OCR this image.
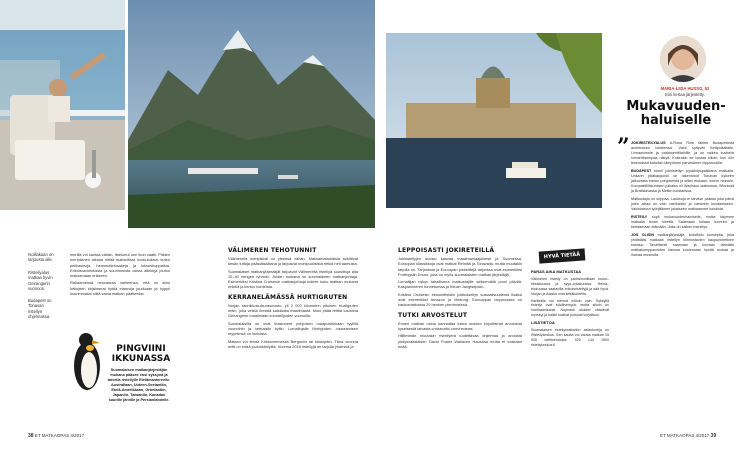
MARIA-LIISA HUSSO, 52
Eini kertaa järjestetty.
Isoillakaan on tarjousta alle.
Risteilyalus matkaa hyvin Geirangerin vuonoon.
Budapest on Tonavan risteilyn ohjelmassa.

merillä voi kantaa vähän. Itsekorut onn ikon vaatii. Pitkien meripäivien aikana riittää maksullista hookutuksia, kuten pelikasinoja, hemmottelusakeja ja luksushoppailua. Erikoisravintoloista ja suurimmista osista allekirja joutuu maksamaan erikseen.

Rahaamensä neuvamaa vaiheensa, että on siksi lotkujeen kirjaimerat hyttiä elanvoja jouduaan ja hyppii suurimmaksi silliä vasta matkan päätteeksi.

PINGVIINI
IKKUNASSA
Suomalaisen matkanjärjestäjän mukana pääsee ensi syksynä ja talvella risteilylle Etelämantereelle. Australiaan, Uuteen-Seelantiin, Etelä-Amerikkaan, Grönlantiin, Japaniin, Taiwaniin, Kanadan suurille järville ja Persianlahdelle.
VÄLIMEREN TEHOTUNNIT

Välimerellä meripäiviä on yleensä vähän. Maksamatamaisia tuikittivat kesän tuttuja pääsiäisaikana ja tarjoavat monipuolisista retkiä heti aamusta.

Suomalaiset matkanjärjestäjät tarjoavat Välimerellä risteilyä suosittuja alta 10–40 hengen ryhmiin. Joiden mukana on suomalainen matkanjohtaja. Esimerkiksi Kristina Cruisesin matkanjohtaja kulkee koko matkan mukana retkillä ja kertoo kohteista.

KERRANELÄMÄSSÄ HURTIGRUTEN

Norjan rannikkokulkuneuvosto, yli 2 000 kilometrin pituisen Hurtigruten reitin, joka veistä ihmisiä kaikkialta maailmasta. Moni pitää reittiä kauniina Geirangerin maailmaan kuuntelijoiden vuonoilla.

Suomalaisilta on ovat ihastuneet pohjoisen maapuistikkaan tyylillä vuonoihin ja herttaisiin kyliin. Lomalinjalle Hurtigruten -vastaamisen myyntinsä on hintoista.

Matkan voi tehdä Kirkkoniemessä Bergeniin tai toisinpäin. Tänä vuonna reitti on enää jouluristeilyillä. Vuonna 2018 risteilyjä on tarjolla yhdessä ja.

LEPPOISASTI JOKIRETEILLÄ

Jokiristeilyjen suosio kasvaa maailmanlaajuisesti ja Suomessa. Euroopan klassikkoja ovat matkat Reiniltä ja Tonavalla, mutta muutakin tarjolla on. Tarjouksia ja Euroopan jokireittejä tarjontaa ovat esimerkiksi Porttugalin Douro, joka on myös suomalaisten matkan järjestäjiä.

Lomailijan nykyv tahallisena matkustajille seitsemällä puoli päivää, Kaspianmeren tunnetumaa ja Kiinan Jangtsejokin.

Kristina Cruisesin ekoomitteisiin jokikuiseilyn sosiaalisuudesta lisäksi ovat esimerkiksi Amazon ja Mekong. Eurooppan tarjonnassa on kaukomatkoista 20 henken pienimmissä.

TUTKI ARVOSTELUT

Ennen matkan osioa kannattaa lukea muiden kirjoittamat arvostelut kyseisestä laivasta cruisecritic.com/reviews

Hillitmmän muutakin risteilyerä luotettavaa ohjelmaa ja arvoista yhdysvaltalaisen David Foster Wallacen Hauskaa mutta ei koskaan enää.

HYVÄ TIETÄÄ
PARAS AIKA MATKUSTAA

Välimeren risteily on parhaimmillaan touko–kesäkuussa ja syys–lokakuussa. Heinä–elokuussa saatavilla erikoisristeilyjä ja sää hyvä. Norjan ja Alaska ovat kesäkohteita.

Karibialle voi mennä milloin vain. Syksyllä risteilyt ovat edullisempia, mutta silloin on hurrikaanikausi. Nopeasti alukset väistävät myrskyt ja kaikki matkat joutuvat korjattuun.

LISÄTIETOA

Suomalaisen risteilymatkailun asiantuntija on Risteilykeskus. Sen kautta voi varata matkan 15 000 vaihtoehdosta. 020 144 1800 risteilykeskus.fi

Mukavuuden-
haluiselle
” JOKIRISTEILYALUS A-Rosa Riva tähtee Budapestista aurinkoisen loisteessa. Valot syttyvät Kettpolilaitalle, Linnaavorelle ja parlamenttitaloille, ja on vaikea kuvitella romanttisempaa näkyä. Kuitenkin se loistaa silloin, kun olin tekemässä kahvilan lämpöisen parvekkeen riipputuolilla.

BUDAPEST toimii jokiristeilyn pysähdyspaikkana matkalla. Unkarin pääkaupunki on rakentunut Tonavan kylkeen jatkuvasta meren pohjoisesta ja sillan mukaan, minne heinisin. Kompaktiliikkumisen julkaisu oli Wachaun laaksossa, Wienissä ja Bratislavassa ja Melkin luostarissa.

Matkustajia on keppaa. Laukkuja ei tarvitse pakata joka päivä joten aikaa on vain vaelluksiin ja varsinkin kuvaamiseen. Vakiokasvot työnjälkeen jokaiseen matkaamme kohdista.

RISTEILY sopii mukavuudenhaluiselle, mutta käymme matkalla ilman kiirettä. Salamaan tuliaan tuoreen ja kertaamaan elämään. Joka on kaiken merkitys.

JOS OLISIN matkanjärjestäjä, kokeilisin konseptia, joka yhdistäisi matkaan risteilyn kiinnostavien kaupunkiretkien kanssa. Tavallisesti saamaan ja kuivaan tärinään matkakumppaneiden kanssa kuulemaan hyvää ruokaa ja ihanaa museoita.

38 ET MATKAOPAS 4/2017	ET MATKAOPAS 4/2017 39
